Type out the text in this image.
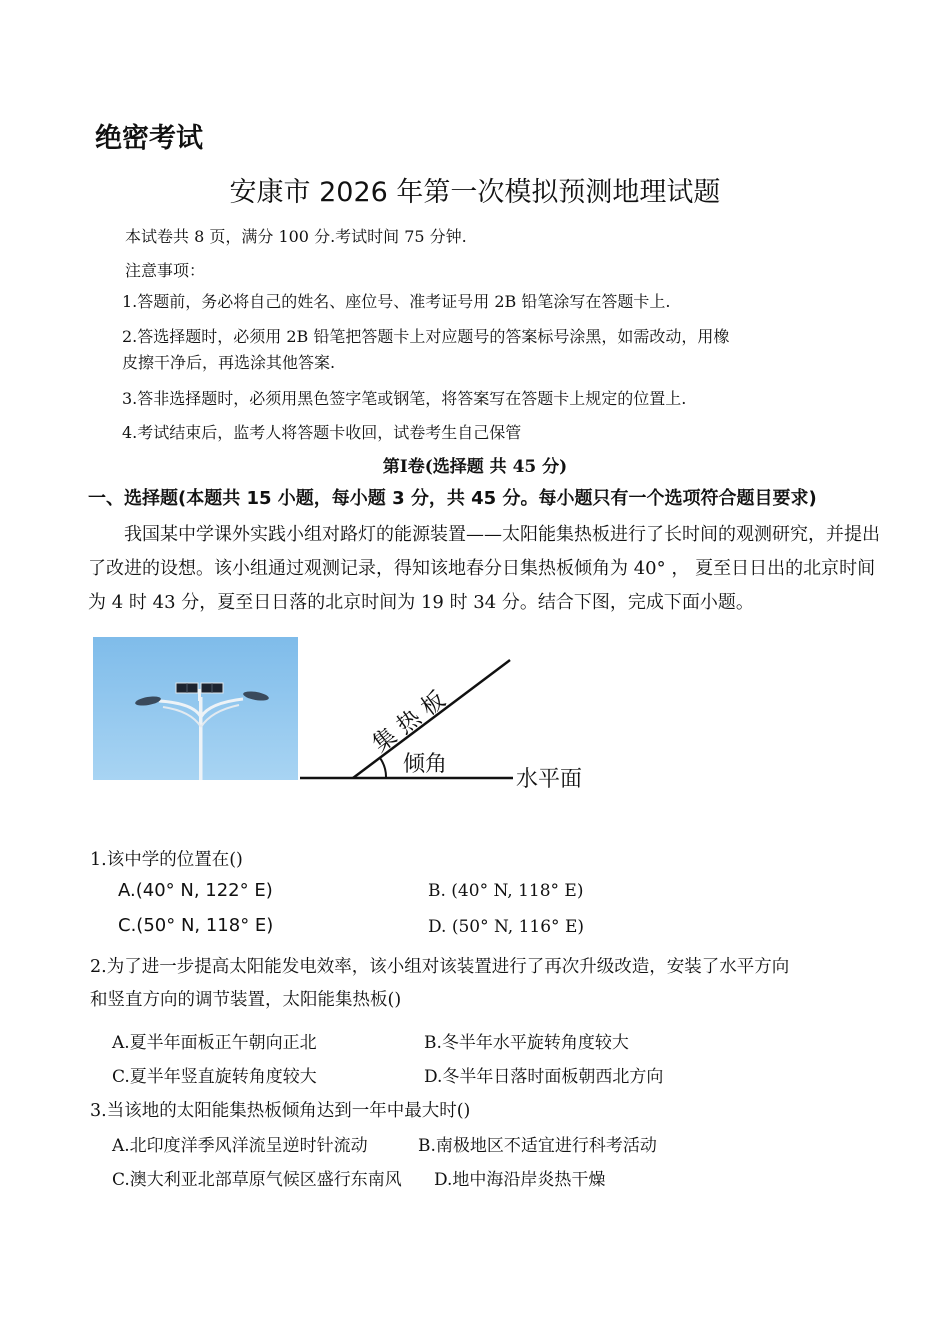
绝密考试
安康市 2026 年第一次模拟预测地理试题
本试卷共 8 页，满分 100 分.考试时间 75 分钟.
注意事项：
1.答题前，务必将自己的姓名、座位号、准考证号用 2B 铅笔涂写在答题卡上.
2.答选择题时，必须用 2B 铅笔把答题卡上对应题号的答案标号涂黑，如需改动，用橡
皮擦干净后，再选涂其他答案.
3.答非选择题时，必须用黑色签字笔或钢笔，将答案写在答题卡上规定的位置上.
4.考试结束后，监考人将答题卡收回，试卷考生自己保管
第Ⅰ卷(选择题 共 45 分)
一、选择题(本题共 15 小题，每小题 3 分，共 45 分。每小题只有一个选项符合题目要求)
我国某中学课外实践小组对路灯的能源装置——太阳能集热板进行了长时间的观测研究，并提出了改进的设想。该小组通过观测记录，得知该地春分日集热板倾角为 40° ， 夏至日日出的北京时间为 4 时 43 分，夏至日日落的北京时间为 19 时 34 分。结合下图，完成下面小题。
集 热 板
倾角
水平面
1.该中学的位置在()
A.(40° N, 122° E)	B. (40° N, 118° E)
C.(50° N, 118° E)	D. (50° N, 116° E)
2.为了进一步提高太阳能发电效率，该小组对该装置进行了再次升级改造，安装了水平方向
和竖直方向的调节装置，太阳能集热板()
A.夏半年面板正午朝向正北	B.冬半年水平旋转角度较大
C.夏半年竖直旋转角度较大	D.冬半年日落时面板朝西北方向
3.当该地的太阳能集热板倾角达到一年中最大时()
A.北印度洋季风洋流呈逆时针流动	B.南极地区不适宜进行科考活动
C.澳大利亚北部草原气候区盛行东南风 D.地中海沿岸炎热干燥
